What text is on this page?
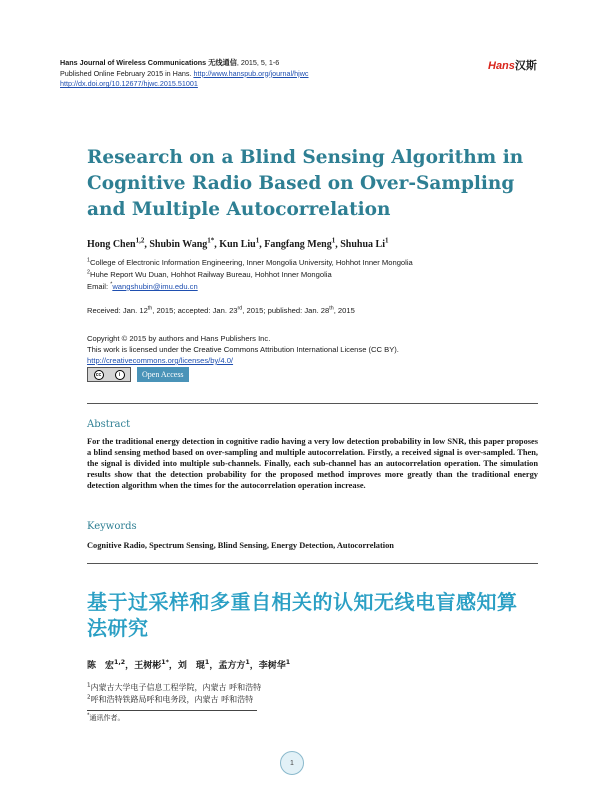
Hans Journal of Wireless Communications 无线通信, 2015, 5, 1-6
Published Online February 2015 in Hans. http://www.hanspub.org/journal/hjwc
http://dx.doi.org/10.12677/hjwc.2015.51001
Hans汉斯
Research on a Blind Sensing Algorithm in Cognitive Radio Based on Over-Sampling and Multiple Autocorrelation
Hong Chen$^{1,2}$, Shubin Wang$^{1*}$, Kun Liu$^1$, Fangfang Meng$^1$, Shuhua Li$^1$
$^1$College of Electronic Information Engineering, Inner Mongolia University, Hohhot Inner Mongolia
$^2$Huhe Report Wu Duan, Hohhot Railway Bureau, Hohhot Inner Mongolia
Email: *wangshubin@imu.edu.cn
Received: Jan. 12th, 2015; accepted: Jan. 23rd, 2015; published: Jan. 28th, 2015
Copyright © 2015 by authors and Hans Publishers Inc.
This work is licensed under the Creative Commons Attribution International License (CC BY).
http://creativecommons.org/licenses/by/4.0/
cc	i	Open Access
Abstract
For the traditional energy detection in cognitive radio having a very low detection probability in low SNR, this paper proposes a blind sensing method based on over-sampling and multiple autocorrelation. Firstly, a received signal is over-sampled. Then, the signal is divided into multiple sub-channels. Finally, each sub-channel has an autocorrelation operation. The simulation results show that the detection probability for the proposed method improves more greatly than the traditional energy detection algorithm when the times for the autocorrelation operation increase.
Keywords
Cognitive Radio, Spectrum Sensing, Blind Sensing, Energy Detection, Autocorrelation
基于过采样和多重自相关的认知无线电盲感知算法研究
陈　宏$^{1,2}$，王树彬$^{1*}$，刘　琨$^1$，孟方方$^1$，李树华$^1$
$^1$内蒙古大学电子信息工程学院，内蒙古 呼和浩特
$^2$呼和浩特铁路局呼和电务段，内蒙古 呼和浩特
*通讯作者。
1
